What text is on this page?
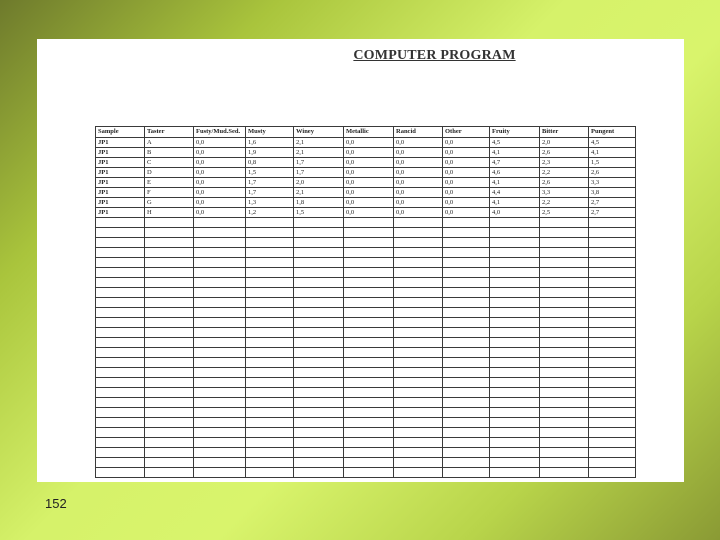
COMPUTER PROGRAM
Sample	Taster	Fusty/Mud.Sed.	Musty	Winey	Metallic	Rancid	Other	Fruity	Bitter	Pungent
JP1	A	0,0	1,6	2,1	0,0	0,0	0,0	4,5	2,0	4,5
JP1	B	0,0	1,9	2,1	0,0	0,0	0,0	4,1	2,6	4,1
JP1	C	0,0	0,8	1,7	0,0	0,0	0,0	4,7	2,3	1,5
JP1	D	0,0	1,5	1,7	0,0	0,0	0,0	4,6	2,2	2,6
JP1	E	0,0	1,7	2,0	0,0	0,0	0,0	4,1	2,6	3,3
JP1	F	0,0	1,7	2,1	0,0	0,0	0,0	4,4	3,3	3,8
JP1	G	0,0	1,3	1,8	0,0	0,0	0,0	4,1	2,2	2,7
JP1	H	0,0	1,2	1,5	0,0	0,0	0,0	4,0	2,5	2,7

152
